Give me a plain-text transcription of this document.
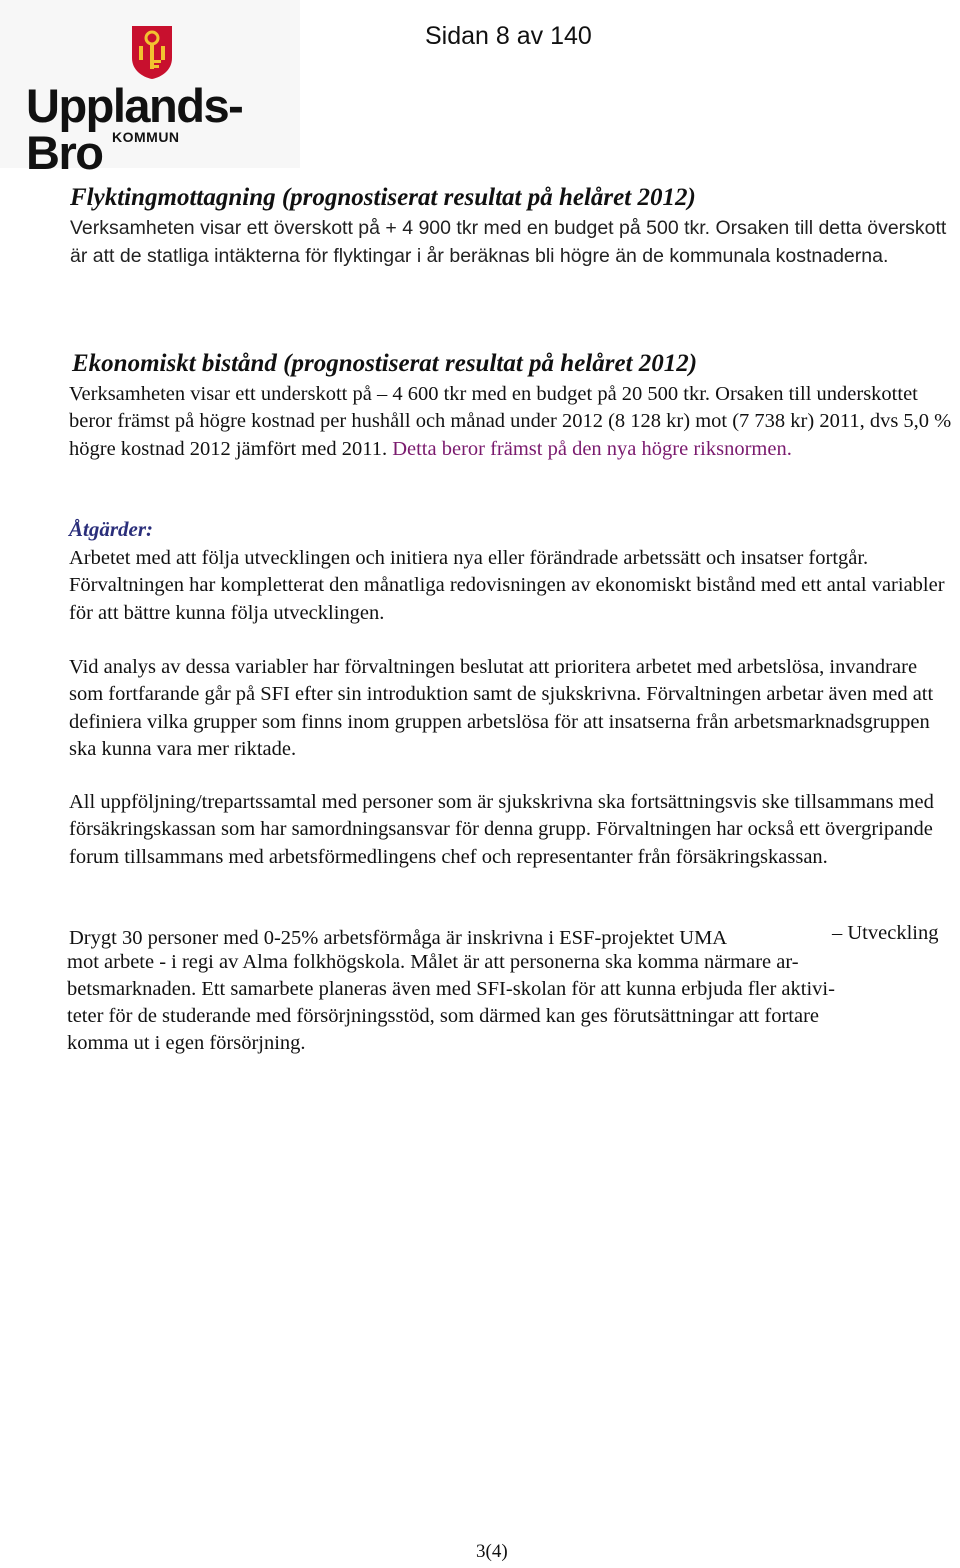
Upplands-Bro KOMMUN
Sidan 8 av 140
Flyktingmottagning (prognostiserat resultat på helåret 2012)
Verksamheten visar ett överskott på + 4 900 tkr med en budget på 500 tkr. Orsaken till detta överskott är att de statliga intäkterna för flyktingar i år beräknas bli högre än de kommunala kostnaderna.
Ekonomiskt bistånd (prognostiserat resultat på helåret 2012)
Verksamheten visar ett underskott på – 4 600 tkr med en budget på 20 500 tkr. Orsaken till underskottet beror främst på högre kostnad per hushåll och månad under 2012 (8 128 kr) mot (7 738 kr) 2011, dvs 5,0 % högre kostnad 2012 jämfört med 2011. Detta beror främst på den nya högre riksnormen.
Åtgärder:
Arbetet med att följa utvecklingen och initiera nya eller förändrade arbetssätt och insatser fortgår. Förvaltningen har kompletterat den månatliga redovisningen av ekonomiskt bistånd med ett antal variabler för att bättre kunna följa utvecklingen.
Vid analys av dessa variabler har förvaltningen beslutat att prioritera arbetet med arbetslösa, invandrare som fortfarande går på SFI efter sin introduktion samt de sjukskrivna. Förvaltningen arbetar även med att definiera vilka grupper som finns inom gruppen arbetslösa för att insatserna från arbetsmarknadsgruppen ska kunna vara mer riktade.
All uppföljning/trepartssamtal med personer som är sjukskrivna ska fortsättningsvis ske tillsammans med försäkringskassan som har samordningsansvar för denna grupp. Förvaltningen har också ett övergripande forum tillsammans med arbetsförmedlingens chef och representanter från försäkringskassan.
Drygt 30 personer med 0-25% arbetsförmåga är inskrivna i ESF-projektet UMA	– Utveckling
mot arbete - i regi av Alma folkhögskola. Målet är att personerna ska komma närmare ar-
betsmarknaden. Ett samarbete planeras även med SFI-skolan för att kunna erbjuda fler aktivi-
teter för de studerande med försörjningsstöd, som därmed kan ges förutsättningar att fortare
komma ut i egen försörjning.
3(4)
